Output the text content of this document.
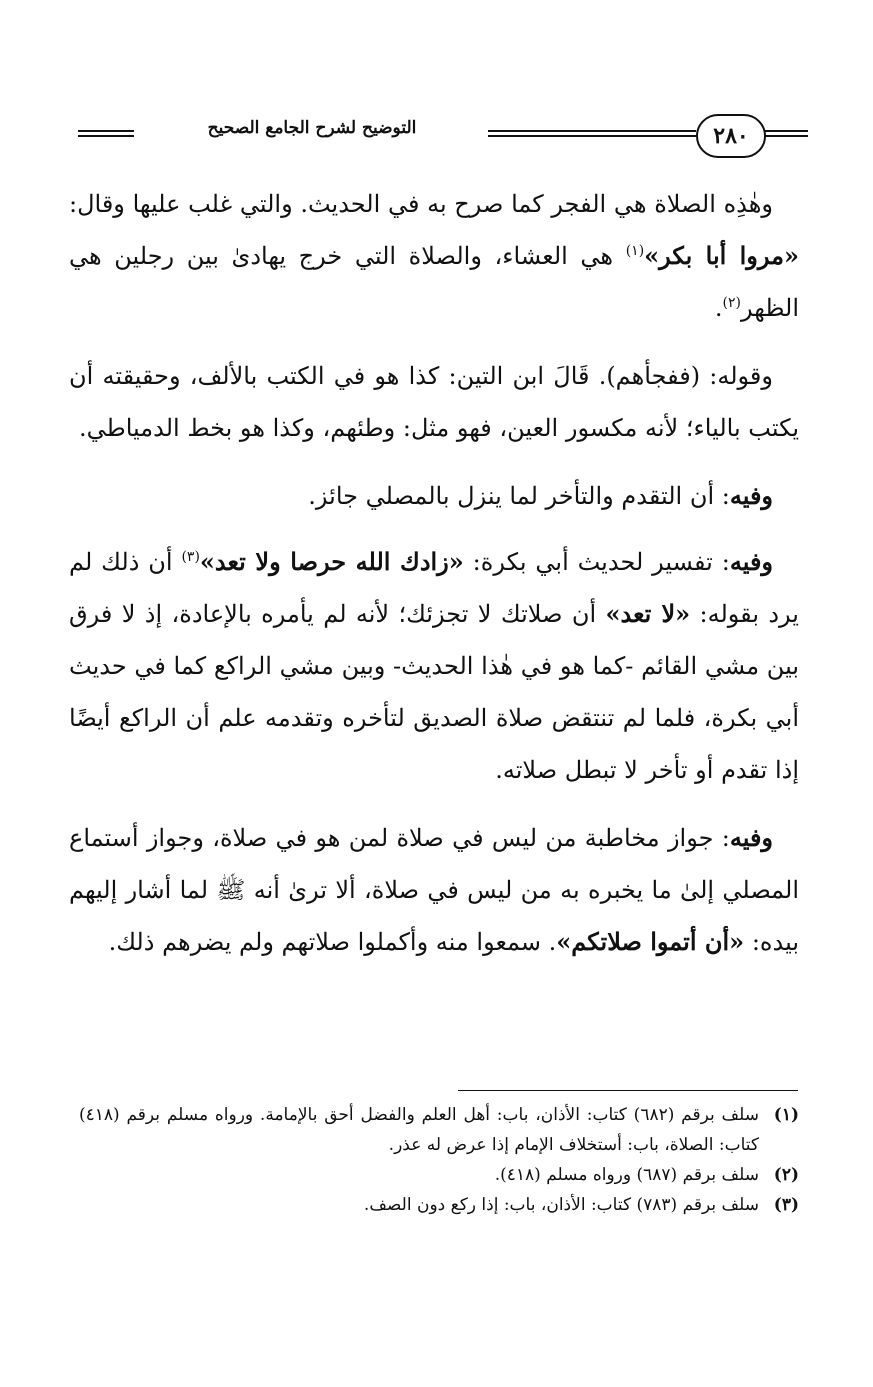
٢٨٠
التوضيح لشرح الجامع الصحيح

وهٰذِه الصلاة هي الفجر كما صرح به في الحديث. والتي غلب عليها وقال: «مروا أبا بكر»$^{(١)}$ هي العشاء، والصلاة التي خرج يهادىٰ بين رجلين هي الظهر$^{(٢)}$.

وقوله: (ففجأهم). قَالَ ابن التين: كذا هو في الكتب بالألف، وحقيقته أن يكتب بالياء؛ لأنه مكسور العين، فهو مثل: وطئهم، وكذا هو بخط الدمياطي.

وفيه: أن التقدم والتأخر لما ينزل بالمصلي جائز.

وفيه: تفسير لحديث أبي بكرة: «زادك الله حرصا ولا تعد»$^{(٣)}$ أن ذلك لم يرد بقوله: «لا تعد» أن صلاتك لا تجزئك؛ لأنه لم يأمره بالإعادة، إذ لا فرق بين مشي القائم -كما هو في هٰذا الحديث- وبين مشي الراكع كما في حديث أبي بكرة، فلما لم تنتقض صلاة الصديق لتأخره وتقدمه علم أن الراكع أيضًا إذا تقدم أو تأخر لا تبطل صلاته.

وفيه: جواز مخاطبة من ليس في صلاة لمن هو في صلاة، وجواز أستماع المصلي إلىٰ ما يخبره به من ليس في صلاة، ألا ترىٰ أنه ﷺ لما أشار إليهم بيده: «أن أتموا صلاتكم». سمعوا منه وأكملوا صلاتهم ولم يضرهم ذلك.

(١)
سلف برقم (٦٨٢) كتاب: الأذان، باب: أهل العلم والفضل أحق بالإمامة. ورواه مسلم برقم (٤١٨) كتاب: الصلاة، باب: أستخلاف الإمام إذا عرض له عذر.
(٢)
سلف برقم (٦٨٧) ورواه مسلم (٤١٨).
(٣)
سلف برقم (٧٨٣) كتاب: الأذان، باب: إذا ركع دون الصف.
